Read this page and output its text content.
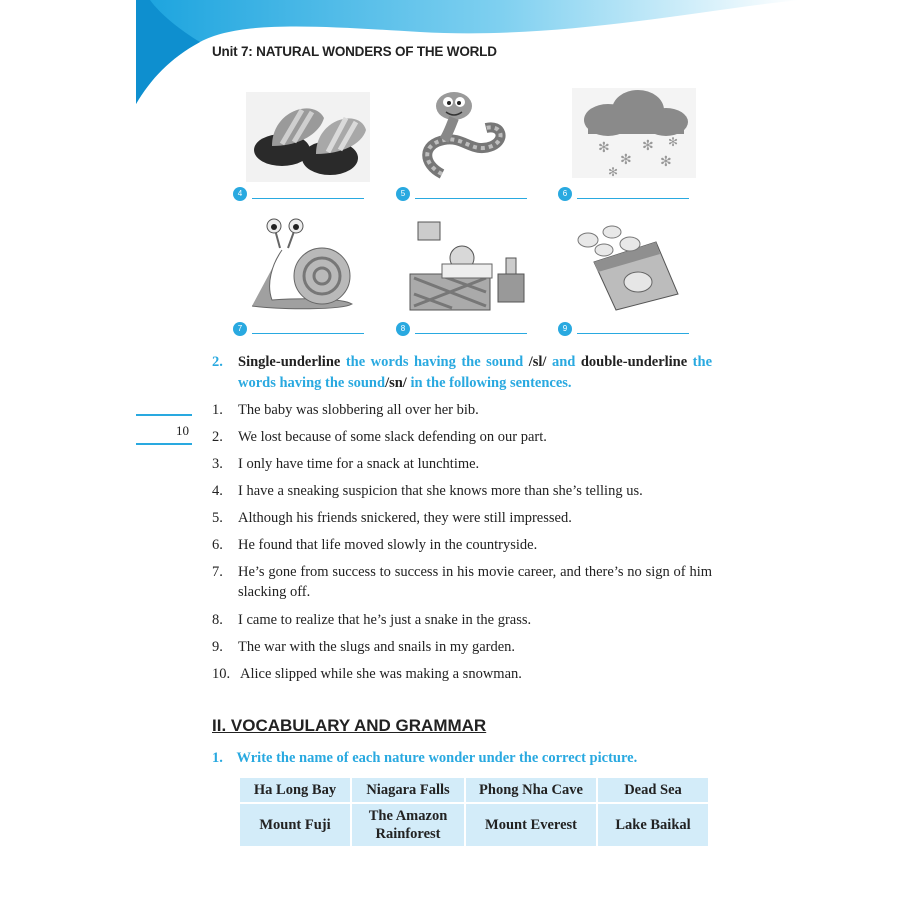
Unit 7: NATURAL WONDERS OF THE WORLD
✻
✻
✻
✻
✻
✻
4	5	6
7	8	9
2. Single-underline the words having the sound /sl/ and double-underline the words having the sound/sn/ in the following sentences.
10
1. The baby was slobbering all over her bib.
2. We lost because of some slack defending on our part.
3. I only have time for a snack at lunchtime.
4. I have a sneaking suspicion that she knows more than she’s telling us.
5. Although his friends snickered, they were still impressed.
6. He found that life moved slowly in the countryside.
7. He’s gone from success to success in his movie career, and there’s no sign of him slacking off.
8. I came to realize that he’s just a snake in the grass.
9. The war with the slugs and snails in my garden.
10. Alice slipped while she was making a snowman.
II. VOCABULARY AND GRAMMAR
1. Write the name of each nature wonder under the correct picture.
Ha Long Bay	Niagara Falls	Phong Nha Cave	Dead Sea
Mount Fuji	The Amazon Rainforest	Mount Everest	Lake Baikal
